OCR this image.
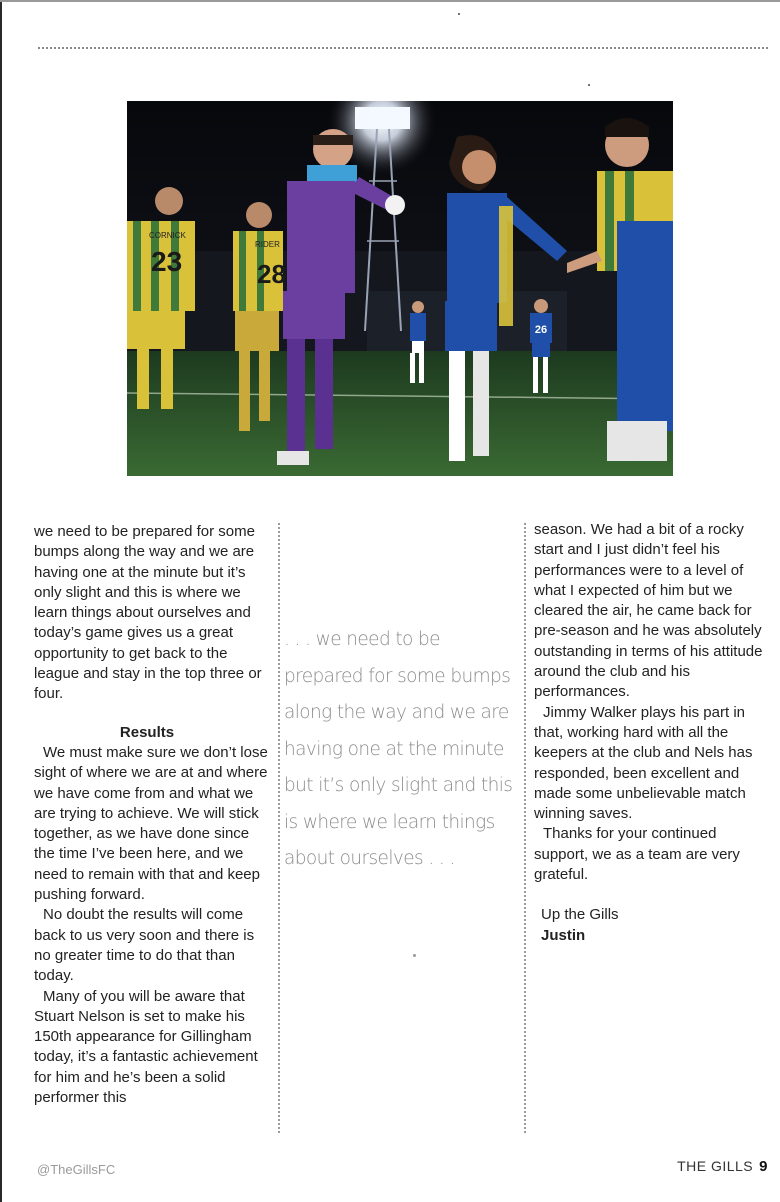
26
CORNICK
23
RIDER
28

we need to be prepared for some bumps along the way and we are having one at the minute but it’s only slight and this is where we learn things about ourselves and today’s game gives us a great opportunity to get back to the league and stay in the top three or four.

Results

We must make sure we don’t lose sight of where we are at and where we have come from and what we are trying to achieve. We will stick together, as we have done since the time I’ve been here, and we need to remain with that and keep pushing forward.

No doubt the results will come back to us very soon and there is no greater time to do that than today.

Many of you will be aware that Stuart Nelson is set to make his 150th appearance for Gillingham today, it’s a fantastic achievement for him and he’s been a solid performer this

. . . we need to be prepared for some bumps along the way and we are having one at the minute but it’s only slight and this is where we learn things about ourselves . . .

season. We had a bit of a rocky start and I just didn’t feel his performances were to a level of what I expected of him but we cleared the air, he came back for pre-season and he was absolutely outstanding in terms of his attitude around the club and his performances.

Jimmy Walker plays his part in that, working hard with all the keepers at the club and Nels has responded, been excellent and made some unbelievable match winning saves.

Thanks for your continued support, we as a team are very grateful.

Up the Gills

Justin

@TheGillsFC	THE GILLS 9
